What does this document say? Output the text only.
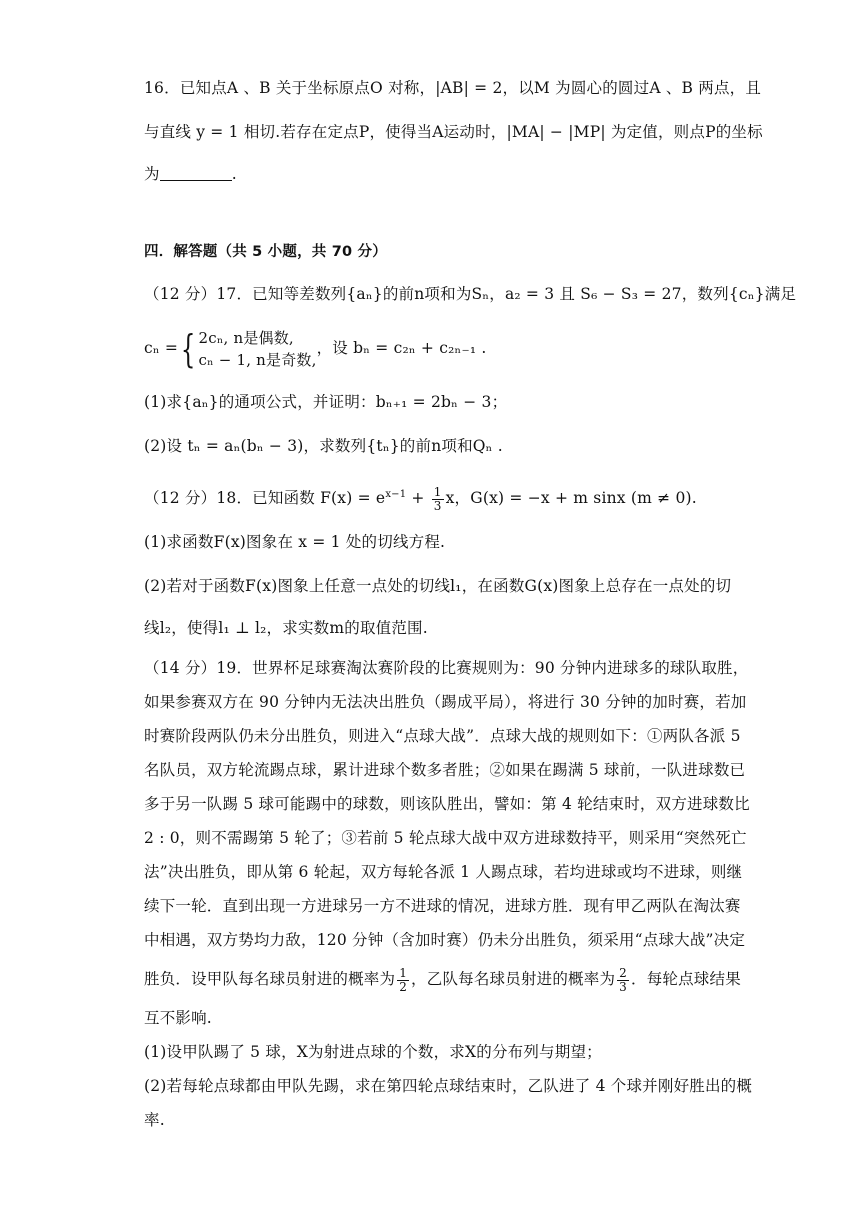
16．已知点A 、B 关于坐标原点O 对称，|AB| = 2，以M 为圆心的圆过A 、B 两点，且
与直线 y = 1 相切.若存在定点P，使得当A运动时，|MA| − |MP| 为定值，则点P的坐标
为	.
四．解答题（共 5 小题，共 70 分）
（12 分）17．已知等差数列{aₙ}的前n项和为Sₙ，a₂ = 3 且 S₆ − S₃ = 27，数列{cₙ}满足
cₙ ={ 2cₙ, n是偶数,
cₙ − 1, n是奇数,
，设 bₙ = c₂ₙ + c₂ₙ₋₁ .
(1)求{aₙ}的通项公式，并证明：bₙ₊₁ = 2bₙ − 3；
(2)设 tₙ = aₙ(bₙ − 3)，求数列{tₙ}的前n项和Qₙ .
（12 分）18．已知函数 $F(x) = e^{x-1} + \frac{1}{3}$ x，G(x) = −x + m sinx (m ≠ 0).
(1)求函数F(x)图象在 x = 1 处的切线方程.
(2)若对于函数F(x)图象上任意一点处的切线l₁，在函数G(x)图象上总存在一点处的切
线l₂，使得l₁ ⊥ l₂，求实数m的取值范围.
（14 分）19．世界杯足球赛淘汰赛阶段的比赛规则为：90 分钟内进球多的球队取胜，
如果参赛双方在 90 分钟内无法决出胜负（踢成平局），将进行 30 分钟的加时赛，若加
时赛阶段两队仍未分出胜负，则进入“点球大战”．点球大战的规则如下：①两队各派 5
名队员，双方轮流踢点球，累计进球个数多者胜；②如果在踢满 5 球前，一队进球数已
多于另一队踢 5 球可能踢中的球数，则该队胜出，譬如：第 4 轮结束时，双方进球数比
2 : 0，则不需踢第 5 轮了；③若前 5 轮点球大战中双方进球数持平，则采用“突然死亡
法”决出胜负，即从第 6 轮起，双方每轮各派 1 人踢点球，若均进球或均不进球，则继
续下一轮．直到出现一方进球另一方不进球的情况，进球方胜．现有甲乙两队在淘汰赛
中相遇，双方势均力敌，120 分钟（含加时赛）仍未分出胜负，须采用“点球大战”决定
胜负．设甲队每名球员射进的概率为 $\frac{1}{2}$ ，乙队每名球员射进的概率为 $\frac{2}{3}$ ．每轮点球结果
互不影响.
(1)设甲队踢了 5 球，X为射进点球的个数，求X的分布列与期望；
(2)若每轮点球都由甲队先踢，求在第四轮点球结束时，乙队进了 4 个球并刚好胜出的概
率.
